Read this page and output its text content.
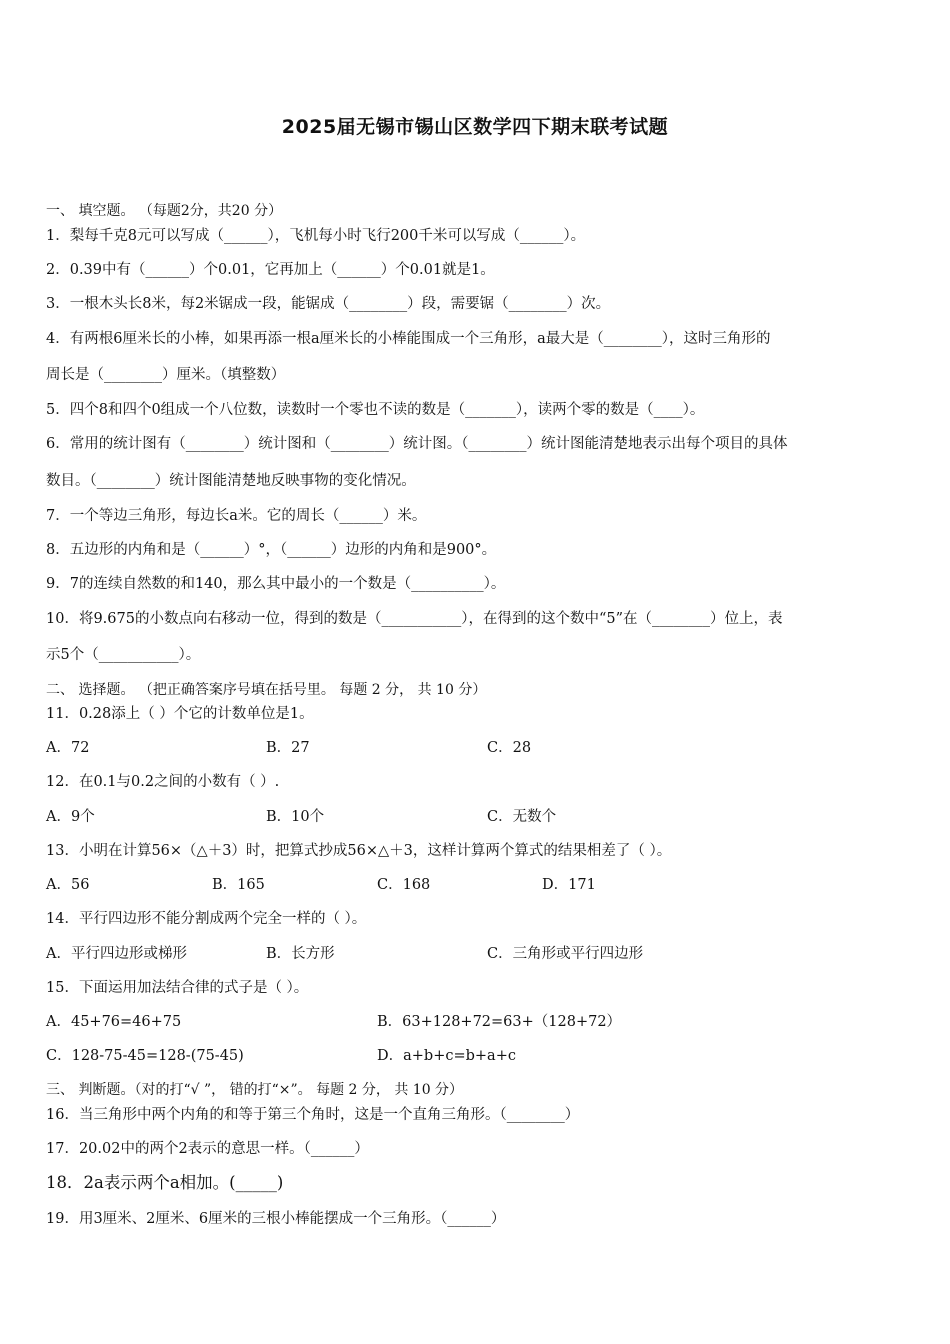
2025届无锡市锡山区数学四下期末联考试题
一、 填空题。 （每题2分，共20 分）
1．梨每千克8元可以写成（______），飞机每小时飞行200千米可以写成（______）。
2．0.39中有（______）个0.01，它再加上（______）个0.01就是1。
3．一根木头长8米，每2米锯成一段，能锯成（________）段，需要锯（________）次。
4．有两根6厘米长的小棒，如果再添一根a厘米长的小棒能围成一个三角形，a最大是（________），这时三角形的
周长是（________）厘米。（填整数）
5．四个8和四个0组成一个八位数，读数时一个零也不读的数是（_______），读两个零的数是（____）。
6．常用的统计图有（________）统计图和（________）统计图。（________）统计图能清楚地表示出每个项目的具体
数目。（________）统计图能清楚地反映事物的变化情况。
7．一个等边三角形，每边长a米。它的周长（______）米。
8．五边形的内角和是（______）°，（______）边形的内角和是900°。
9．7的连续自然数的和140，那么其中最小的一个数是（__________）。
10．将9.675的小数点向右移动一位，得到的数是（___________），在得到的这个数中“5”在（________）位上，表
示5个（___________）。
二、 选择题。 （把正确答案序号填在括号里。 每题 2 分， 共 10 分）
11．0.28添上（ ）个它的计数单位是1。
A．72	B．27	C．28
12．在0.1与0.2之间的小数有（ ）.
A．9个	B．10个	C．无数个
13．小明在计算56×（△＋3）时，把算式抄成56×△＋3，这样计算两个算式的结果相差了（ ）。
A．56	B．165	C．168	D．171
14．平行四边形不能分割成两个完全一样的（ ）。
A．平行四边形或梯形	B．长方形	C．三角形或平行四边形
15．下面运用加法结合律的式子是（ ）。
A．45+76=46+75	B．63+128+72=63+（128+72）
C．128-75-45=128-(75-45)	D．a+b+c=b+a+c
三、 判断题。（对的打“√ ”， 错的打“×”。 每题 2 分， 共 10 分）
16．当三角形中两个内角的和等于第三个角时，这是一个直角三角形。（________）
17．20.02中的两个2表示的意思一样。（______）
18．2a表示两个a相加。(_____)
19．用3厘米、2厘米、6厘米的三根小棒能摆成一个三角形。（______）
